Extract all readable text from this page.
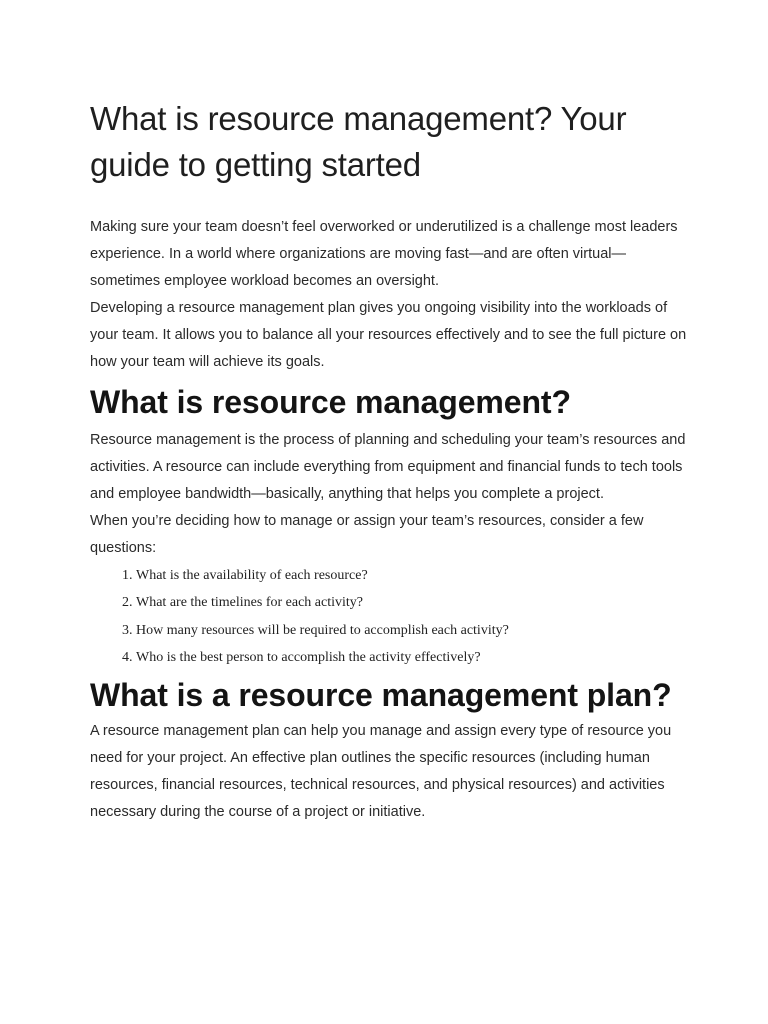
What is resource management? Your guide to getting started

Making sure your team doesn’t feel overworked or underutilized is a challenge most leaders experience. In a world where organizations are moving fast—and are often virtual—sometimes employee workload becomes an oversight.

Developing a resource management plan gives you ongoing visibility into the workloads of your team. It allows you to balance all your resources effectively and to see the full picture on how your team will achieve its goals.

What is resource management?

Resource management is the process of planning and scheduling your team’s resources and activities. A resource can include everything from equipment and financial funds to tech tools and employee bandwidth—basically, anything that helps you complete a project.

When you’re deciding how to manage or assign your team’s resources, consider a few questions:

1. What is the availability of each resource?
2. What are the timelines for each activity?
3. How many resources will be required to accomplish each activity?
4. Who is the best person to accomplish the activity effectively?
What is a resource management plan?

A resource management plan can help you manage and assign every type of resource you need for your project. An effective plan outlines the specific resources (including human resources, financial resources, technical resources, and physical resources) and activities necessary during the course of a project or initiative.
